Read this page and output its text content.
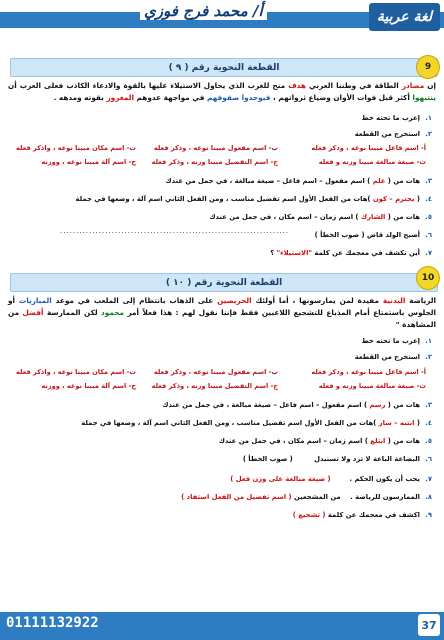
لغة عربية
أ/ محمد فرج فوزي
القطعة النحوية رقم ( ٩ )	9
إن مصادر الطاقة في وطننا العربي هدف منح للغرب الذي يحاول الاستيلاء عليها بالقوة والادعاء الكاذب فعلى العرب أن ينتبهوا أكثر قبل فوات الأوان وضياع ثرواتهم ، فيوحدوا صفوفهم في مواجهة عدوهم المغرور بقوته ومدهه .
١.إعرب ما تحته خط
٢.استخرج من القطعة
أ- اسم فاعل مبينا نوعه ، وذكر فعله
ب- اسم مفعول مبينا نوعه ، وذكر فعله
ت- اسم مكان مبينا نوعه ، واذكر فعله
ث- صيغة مبالغة مبينا وزنه و فعله
ج- اسم التفضيل مبينا وزنه ، وذكر فعله
ح- اسم آلة مبينا نوعه ، ووزنه
٣.هات من ( علم ) اسم مفعول – اسم فاعل – صيغة مبالغة ، في جمل من عندك
٤.( يحترم – كون )هات من الفعل الأول اسم تفضيل مناسب ، ومن الفعل الثاني اسم آلة ، وضعها في جملة
٥.هات من ( الشارك ) اسم زمان – اسم مكان ، في جمل من عندك
٦.أصبح الولد قاض ( صوب الخطأ )
.......................................................................
٧.أين تكشف في معجمك عن كلمة "الاستيلاء" ؟
القطعة النحوية رقم ( ١٠ )	10
الرياضة البدنية مفيدة لمن يمارسونها ، أما أولئك الحريصين على الذهاب بانتظام إلى الملعب في موعد المباريات أو الجلوس باستمتاع أمام المذياع للتشجيع اللاعبين فقط فإننا نقول لهم : هذا فعلاً أمر محمود لكن الممارسة أفضل من المشاهدة "
١.إعرب ما تحته خط
٢.استخرج من القطعة
أ- اسم فاعل مبينا نوعه ، وذكر فعله
ب- اسم مفعول مبينا نوعه ، وذكر فعله
ت- اسم مكان مبينا نوعه ، واذكر فعله
ث- صيغة مبالغة مبينا وزنه و فعله
ج- اسم التفضيل مبينا وزنه ، وذكر فعله
ح- اسم آلة مبينا نوعه ، ووزنه
٣.هات من ( رسم ) اسم مفعول – اسم فاعل – صيغة مبالغة ، في جمل من عندك
٤.( انتبه – سار )هات من الفعل الأول اسم تفضيل مناسب ، ومن الفعل الثاني اسم آلة ، وضعها في جملة
٥.هات من ( ابتلع ) اسم زمان – اسم مكان ، في جمل من عندك
٦.البضاعة الباعة لا ترد ولا تستبدل         ( صوب الخطأ )
٧.يجب أن يكون الحكم .        ( صيغة مبالغة على وزن فعل )
٨.الممارسون للرياضة .    من المشجعين ( اسم تفضيل من الفعل استفاد )
٩.اكشف في معجمك عن كلمة ( تشجيع )
01111132922	37
